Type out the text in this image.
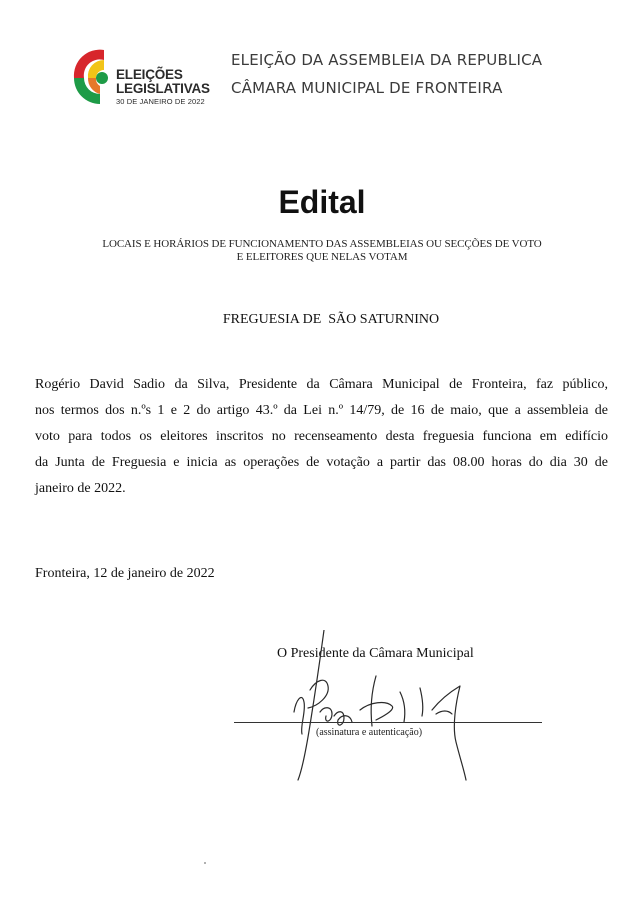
ELEIÇÕES
LEGISLATIVAS
30 DE JANEIRO DE 2022
ELEIÇÃO DA ASSEMBLEIA DA REPUBLICA
CÂMARA MUNICIPAL DE FRONTEIRA
Edital
LOCAIS E HORÁRIOS DE FUNCIONAMENTO DAS ASSEMBLEIAS OU SECÇÕES DE VOTO
E ELEITORES QUE NELAS VOTAM
FREGUESIA DE  SÃO SATURNINO
Rogério David Sadio da Silva, Presidente da Câmara Municipal de Fronteira, faz público,
nos termos dos n.ºs 1 e 2 do artigo 43.º da Lei n.º 14/79, de 16 de maio, que a assembleia de
voto para todos os eleitores inscritos no recenseamento desta freguesia funciona em edifício
da Junta de Freguesia e inicia as operações de votação a partir das 08.00 horas do dia 30 de
janeiro de 2022.
Fronteira, 12 de janeiro de 2022
O Presidente da Câmara Municipal
(assinatura e autenticação)
